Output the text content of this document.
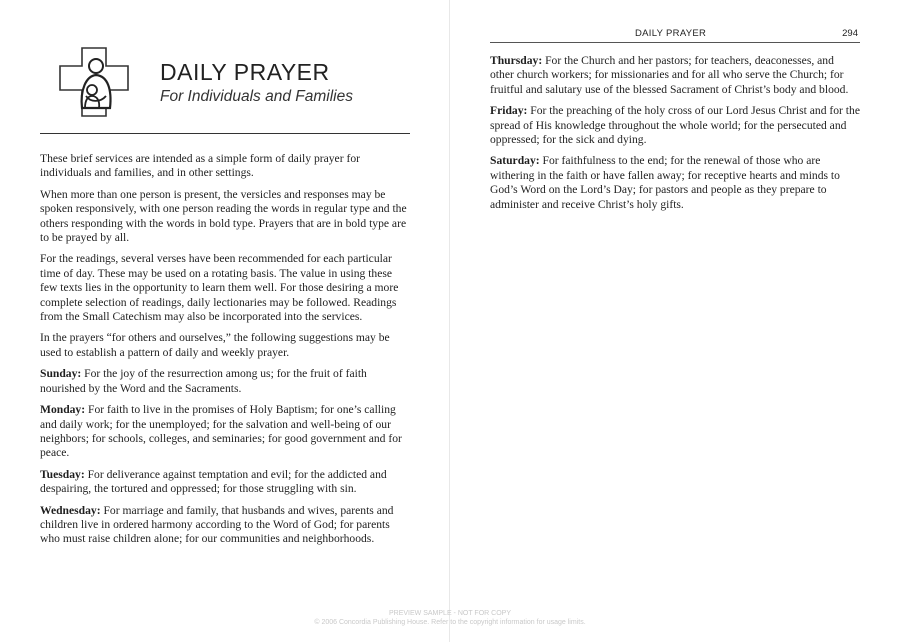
DAILY PRAYER
For Individuals and Families

These brief services are intended as a simple form of daily prayer for individuals and families, and in other settings.

When more than one person is present, the versicles and responses may be spoken responsively, with one person reading the words in regular type and the others responding with the words in bold type. Prayers that are in bold type are to be prayed by all.

For the readings, several verses have been recommended for each particular time of day. These may be used on a rotating basis. The value in using these few texts lies in the opportunity to learn them well. For those desiring a more complete selection of readings, daily lectionaries may be followed. Readings from the Small Catechism may also be incorporated into the services.

In the prayers “for others and ourselves,” the following suggestions may be used to establish a pattern of daily and weekly prayer.

Sunday: For the joy of the resurrection among us; for the fruit of faith nourished by the Word and the Sacraments.

Monday: For faith to live in the promises of Holy Baptism; for one’s calling and daily work; for the unemployed; for the salvation and well-being of our neighbors; for schools, colleges, and seminaries; for good government and for peace.

Tuesday: For deliverance against temptation and evil; for the addicted and despairing, the tortured and oppressed; for those struggling with sin.

Wednesday: For marriage and family, that husbands and wives, parents and children live in ordered harmony according to the Word of God; for parents who must raise children alone; for our communities and neighborhoods.

DAILY PRAYER	294

Thursday: For the Church and her pastors; for teachers, deaconesses, and other church workers; for missionaries and for all who serve the Church; for fruitful and salutary use of the blessed Sacrament of Christ’s body and blood.

Friday: For the preaching of the holy cross of our Lord Jesus Christ and for the spread of His knowledge throughout the whole world; for the persecuted and oppressed; for the sick and dying.

Saturday: For faithfulness to the end; for the renewal of those who are withering in the faith or have fallen away; for receptive hearts and minds to God’s Word on the Lord’s Day; for pastors and people as they prepare to administer and receive Christ’s holy gifts.

PREVIEW SAMPLE - NOT FOR COPY
© 2006 Concordia Publishing House. Refer to the copyright information for usage limits.
